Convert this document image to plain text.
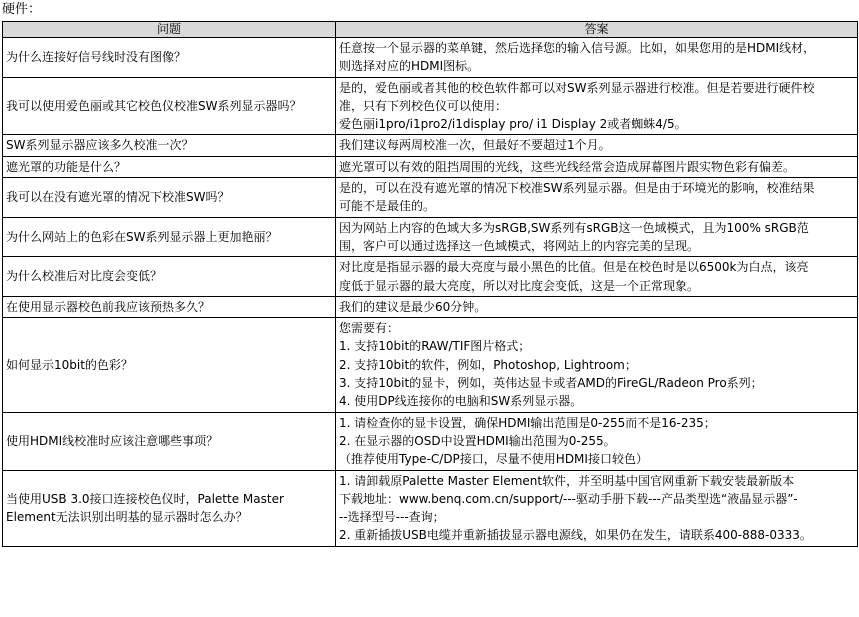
硬件：
问题	答案
为什么连接好信号线时没有图像？	任意按一个显示器的菜单键，然后选择您的输入信号源。比如，如果您用的是HDMI线材，
则选择对应的HDMI图标。

我可以使用爱色丽或其它校色仪校准SW系列显示器吗？	是的，爱色丽或者其他的校色软件都可以对SW系列显示器进行校准。但是若要进行硬件校
准，只有下列校色仪可以使用：
爱色丽i1pro/i1pro2/i1display pro/ i1 Display 2或者蜘蛛4/5。

SW系列显示器应该多久校准一次？	我们建议每两周校准一次，但最好不要超过1个月。

遮光罩的功能是什么？	遮光罩可以有效的阻挡周围的光线，这些光线经常会造成屏幕图片跟实物色彩有偏差。

我可以在没有遮光罩的情况下校准SW吗？	是的，可以在没有遮光罩的情况下校准SW系列显示器。但是由于环境光的影响，校准结果
可能不是最佳的。

为什么网站上的色彩在SW系列显示器上更加艳丽？	因为网站上内容的色域大多为sRGB,SW系列有sRGB这一色域模式，且为100% sRGB范
围，客户可以通过选择这一色域模式，将网站上的内容完美的呈现。

为什么校准后对比度会变低？	对比度是指显示器的最大亮度与最小黑色的比值。但是在校色时是以6500k为白点，该亮
度低于显示器的最大亮度，所以对比度会变低，这是一个正常现象。

在使用显示器校色前我应该预热多久？	我们的建议是最少60分钟。

如何显示10bit的色彩？	您需要有：
1. 支持10bit的RAW/TIF图片格式；
2. 支持10bit的软件，例如，Photoshop, Lightroom；
3. 支持10bit的显卡，例如，英伟达显卡或者AMD的FireGL/Radeon Pro系列；
4. 使用DP线连接你的电脑和SW系列显示器。

使用HDMI线校准时应该注意哪些事项？	1. 请检查你的显卡设置，确保HDMI输出范围是0-255而不是16-235；
2. 在显示器的OSD中设置HDMI输出范围为0-255。
（推荐使用Type-C/DP接口，尽量不使用HDMI接口较色）

当使用USB 3.0接口连接校色仪时，Palette Master Element无法识别出明基的显示器时怎么办？	1. 请卸载原Palette Master Element软件，并至明基中国官网重新下载安装最新版本
下载地址：www.benq.com.cn/support/---驱动手册下载---产品类型选“液晶显示器”-
--选择型号---查询；
2. 重新插拔USB电缆并重新插拔显示器电源线，如果仍在发生，请联系400-888-0333。
